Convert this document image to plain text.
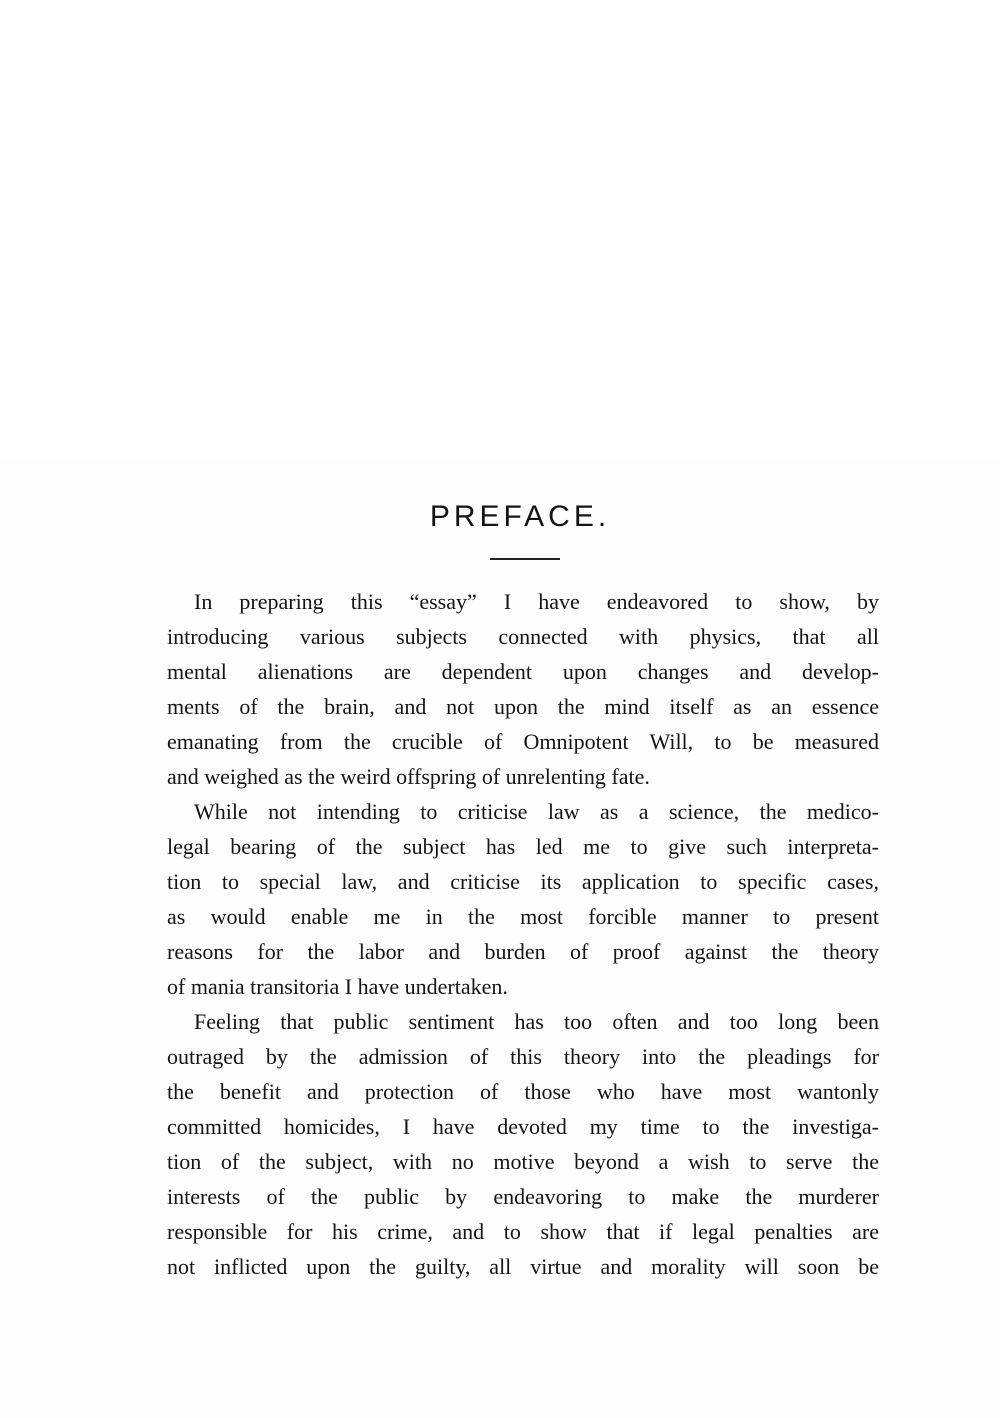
PREFACE.
In preparing this “essay” I have endeavored to show, by
introducing various subjects connected with physics, that all
mental alienations are dependent upon changes and develop-
ments of the brain, and not upon the mind itself as an essence
emanating from the crucible of Omnipotent Will, to be measured
and weighed as the weird offspring of unrelenting fate.
While not intending to criticise law as a science, the medico-
legal bearing of the subject has led me to give such interpreta-
tion to special law, and criticise its application to specific cases,
as would enable me in the most forcible manner to present
reasons for the labor and burden of proof against the theory
of mania transitoria I have undertaken.
Feeling that public sentiment has too often and too long been
outraged by the admission of this theory into the pleadings for
the benefit and protection of those who have most wantonly
committed homicides, I have devoted my time to the investiga-
tion of the subject, with no motive beyond a wish to serve the
interests of the public by endeavoring to make the murderer
responsible for his crime, and to show that if legal penalties are
not inflicted upon the guilty, all virtue and morality will soon be
